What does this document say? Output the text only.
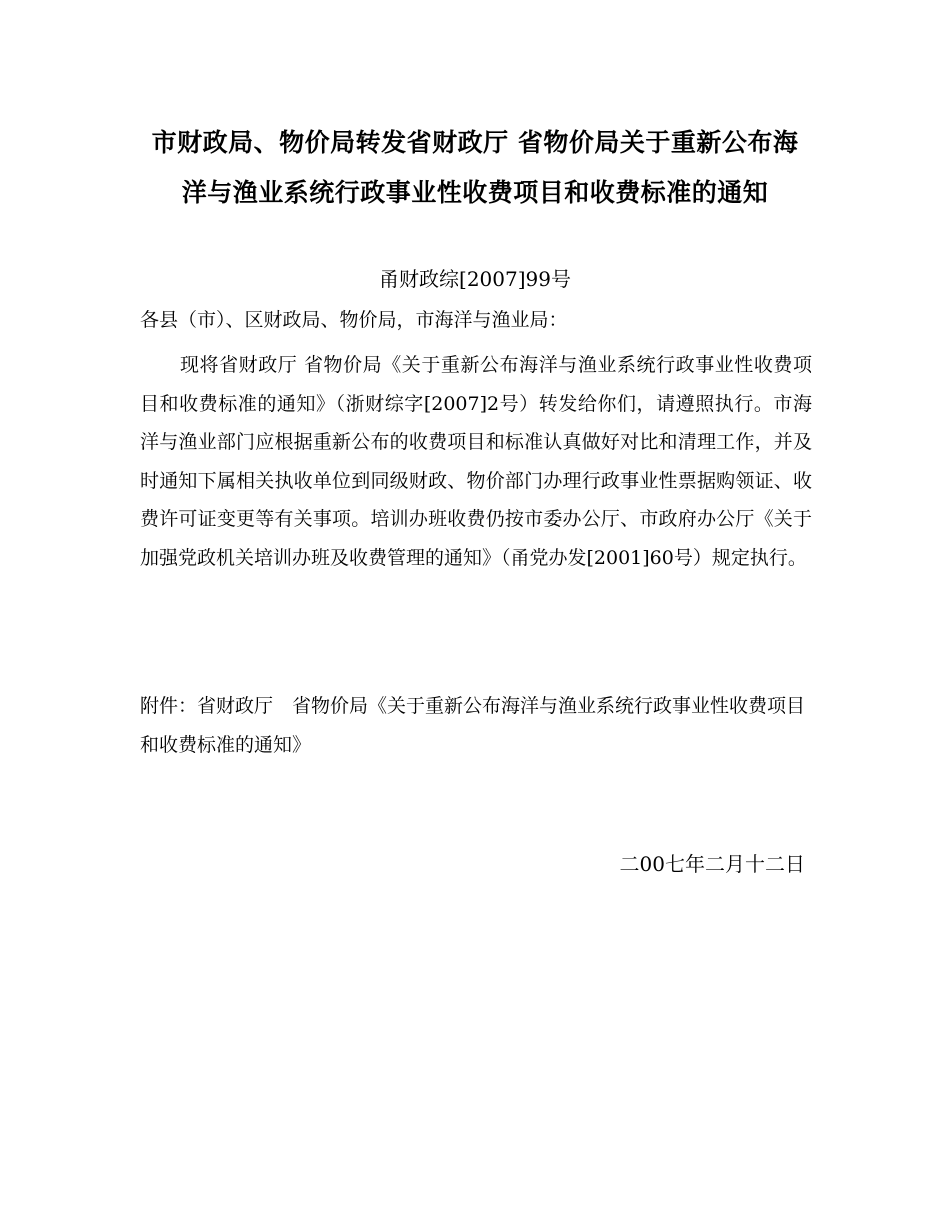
市财政局、物价局转发省财政厅 省物价局关于重新公布海洋与渔业系统行政事业性收费项目和收费标准的通知
甬财政综[2007]99号
各县（市）、区财政局、物价局，市海洋与渔业局：

现将省财政厅 省物价局《关于重新公布海洋与渔业系统行政事业性收费项目和收费标准的通知》（浙财综字[2007]2号）转发给你们，请遵照执行。市海洋与渔业部门应根据重新公布的收费项目和标准认真做好对比和清理工作，并及时通知下属相关执收单位到同级财政、物价部门办理行政事业性票据购领证、收费许可证变更等有关事项。培训办班收费仍按市委办公厅、市政府办公厅《关于加强党政机关培训办班及收费管理的通知》（甬党办发[2001]60号）规定执行。

附件：省财政厅　省物价局《关于重新公布海洋与渔业系统行政事业性收费项目和收费标准的通知》

二00七年二月十二日
